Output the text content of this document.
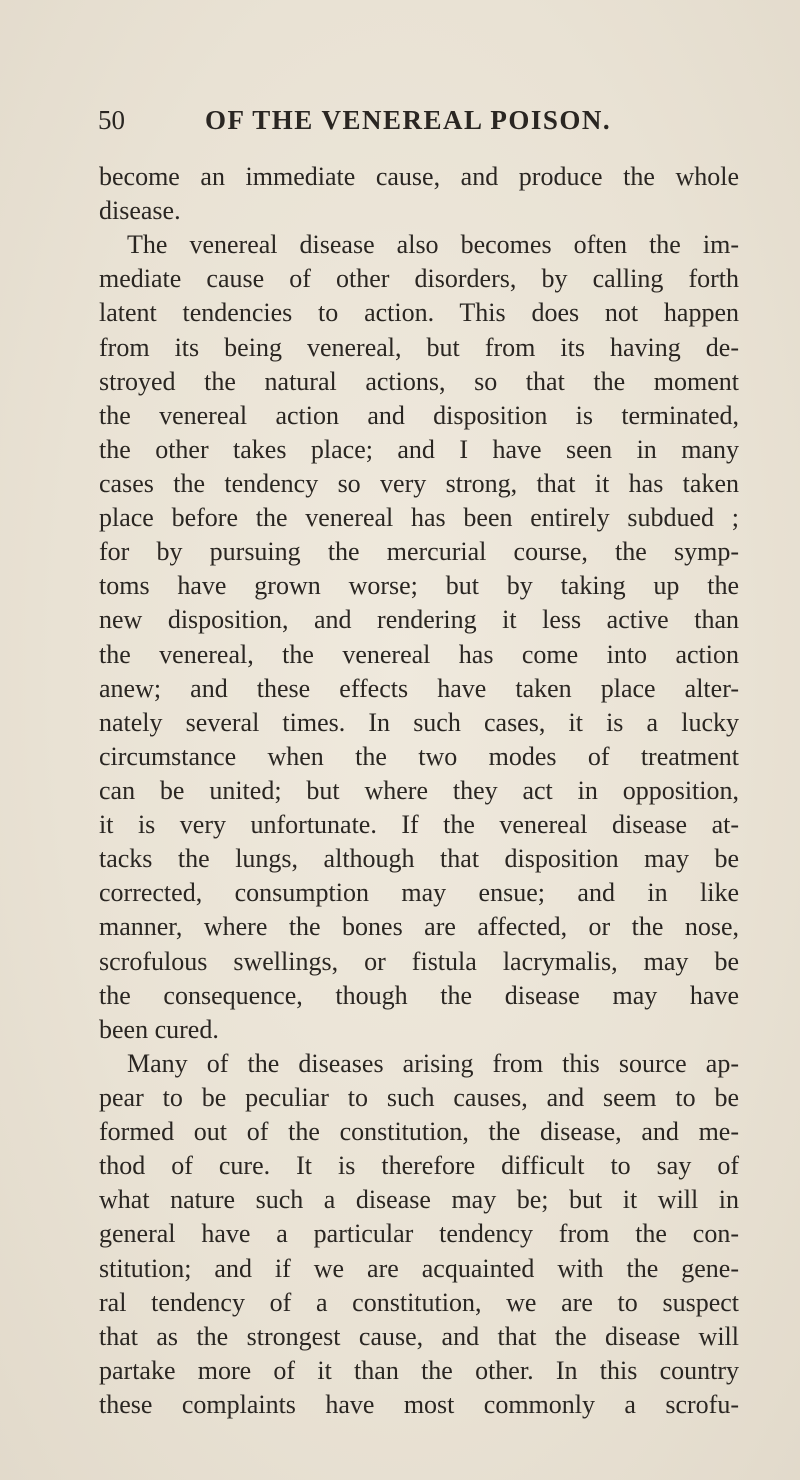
50	OF THE VENEREAL POISON.
become an immediate cause, and produce the whole
disease.
The venereal disease also becomes often the im-
mediate cause of other disorders, by calling forth
latent tendencies to action. This does not happen
from its being venereal, but from its having de-
stroyed the natural actions, so that the moment
the venereal action and disposition is terminated,
the other takes place; and I have seen in many
cases the tendency so very strong, that it has taken
place before the venereal has been entirely subdued ;
for by pursuing the mercurial course, the symp-
toms have grown worse; but by taking up the
new disposition, and rendering it less active than
the venereal, the venereal has come into action
anew; and these effects have taken place alter-
nately several times. In such cases, it is a lucky
circumstance when the two modes of treatment
can be united; but where they act in opposition,
it is very unfortunate. If the venereal disease at-
tacks the lungs, although that disposition may be
corrected, consumption may ensue; and in like
manner, where the bones are affected, or the nose,
scrofulous swellings, or fistula lacrymalis, may be
the consequence, though the disease may have
been cured.
Many of the diseases arising from this source ap-
pear to be peculiar to such causes, and seem to be
formed out of the constitution, the disease, and me-
thod of cure. It is therefore difficult to say of
what nature such a disease may be; but it will in
general have a particular tendency from the con-
stitution; and if we are acquainted with the gene-
ral tendency of a constitution, we are to suspect
that as the strongest cause, and that the disease will
partake more of it than the other. In this country
these complaints have most commonly a scrofu-
